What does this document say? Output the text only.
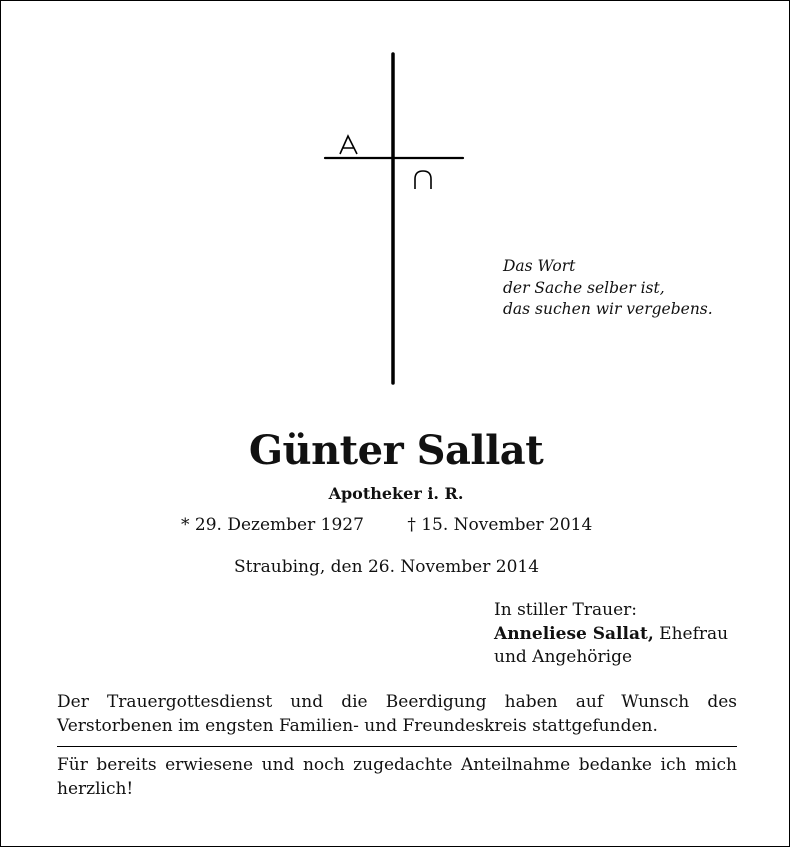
Das Wort
der Sache selber ist,
das suchen wir vergebens.
Günter Sallat
Apotheker i. R.
* 29. Dezember 1927	† 15. November 2014
Straubing, den 26. November 2014
In stiller Trauer:
Anneliese Sallat, Ehefrau
und Angehörige
Der Trauergottesdienst und die Beerdigung haben auf Wunsch des Verstorbenen im engsten Familien- und Freundeskreis stattgefunden.
Für bereits erwiesene und noch zugedachte Anteilnahme bedanke ich mich herzlich!
